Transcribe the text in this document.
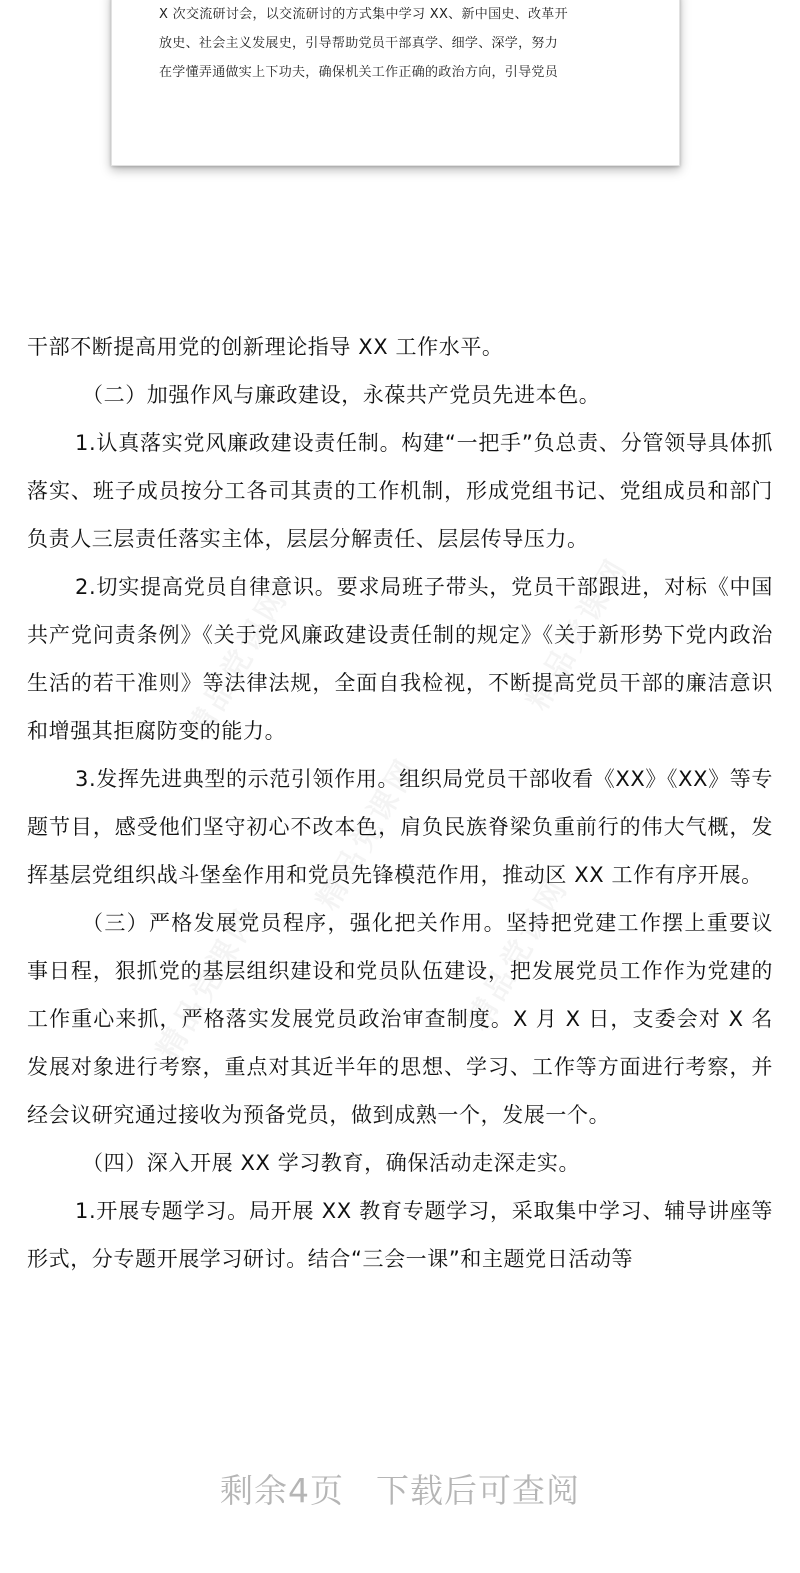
X 次交流研讨会，以交流研讨的方式集中学习 XX、新中国史、改革开
放史、社会主义发展史，引导帮助党员干部真学、细学、深学，努力
在学懂弄通做实上下功夫，确保机关工作正确的政治方向，引导党员

干部不断提高用党的创新理论指导 XX 工作水平。

（二）加强作风与廉政建设，永葆共产党员先进本色。

1.认真落实党风廉政建设责任制。构建“一把手”负总责、分管领导具体抓落实、班子成员按分工各司其责的工作机制，形成党组书记、党组成员和部门负责人三层责任落实主体，层层分解责任、层层传导压力。

2.切实提高党员自律意识。要求局班子带头，党员干部跟进，对标《中国共产党问责条例》《关于党风廉政建设责任制的规定》《关于新形势下党内政治生活的若干准则》等法律法规，全面自我检视，不断提高党员干部的廉洁意识和增强其拒腐防变的能力。

3.发挥先进典型的示范引领作用。组织局党员干部收看《XX》《XX》等专题节目，感受他们坚守初心不改本色，肩负民族脊梁负重前行的伟大气概，发挥基层党组织战斗堡垒作用和党员先锋模范作用，推动区 XX 工作有序开展。

（三）严格发展党员程序，强化把关作用。坚持把党建工作摆上重要议事日程，狠抓党的基层组织建设和党员队伍建设，把发展党员工作作为党建的工作重心来抓，严格落实发展党员政治审查制度。X 月 X 日，支委会对 X 名发展对象进行考察，重点对其近半年的思想、学习、工作等方面进行考察，并经会议研究通过接收为预备党员，做到成熟一个，发展一个。

（四）深入开展 XX 学习教育，确保活动走深走实。

1.开展专题学习。局开展 XX 教育专题学习，采取集中学习、辅导讲座等形式，分专题开展学习研讨。结合“三会一课”和主题党日活动等

剩余4页 下载后可查阅
